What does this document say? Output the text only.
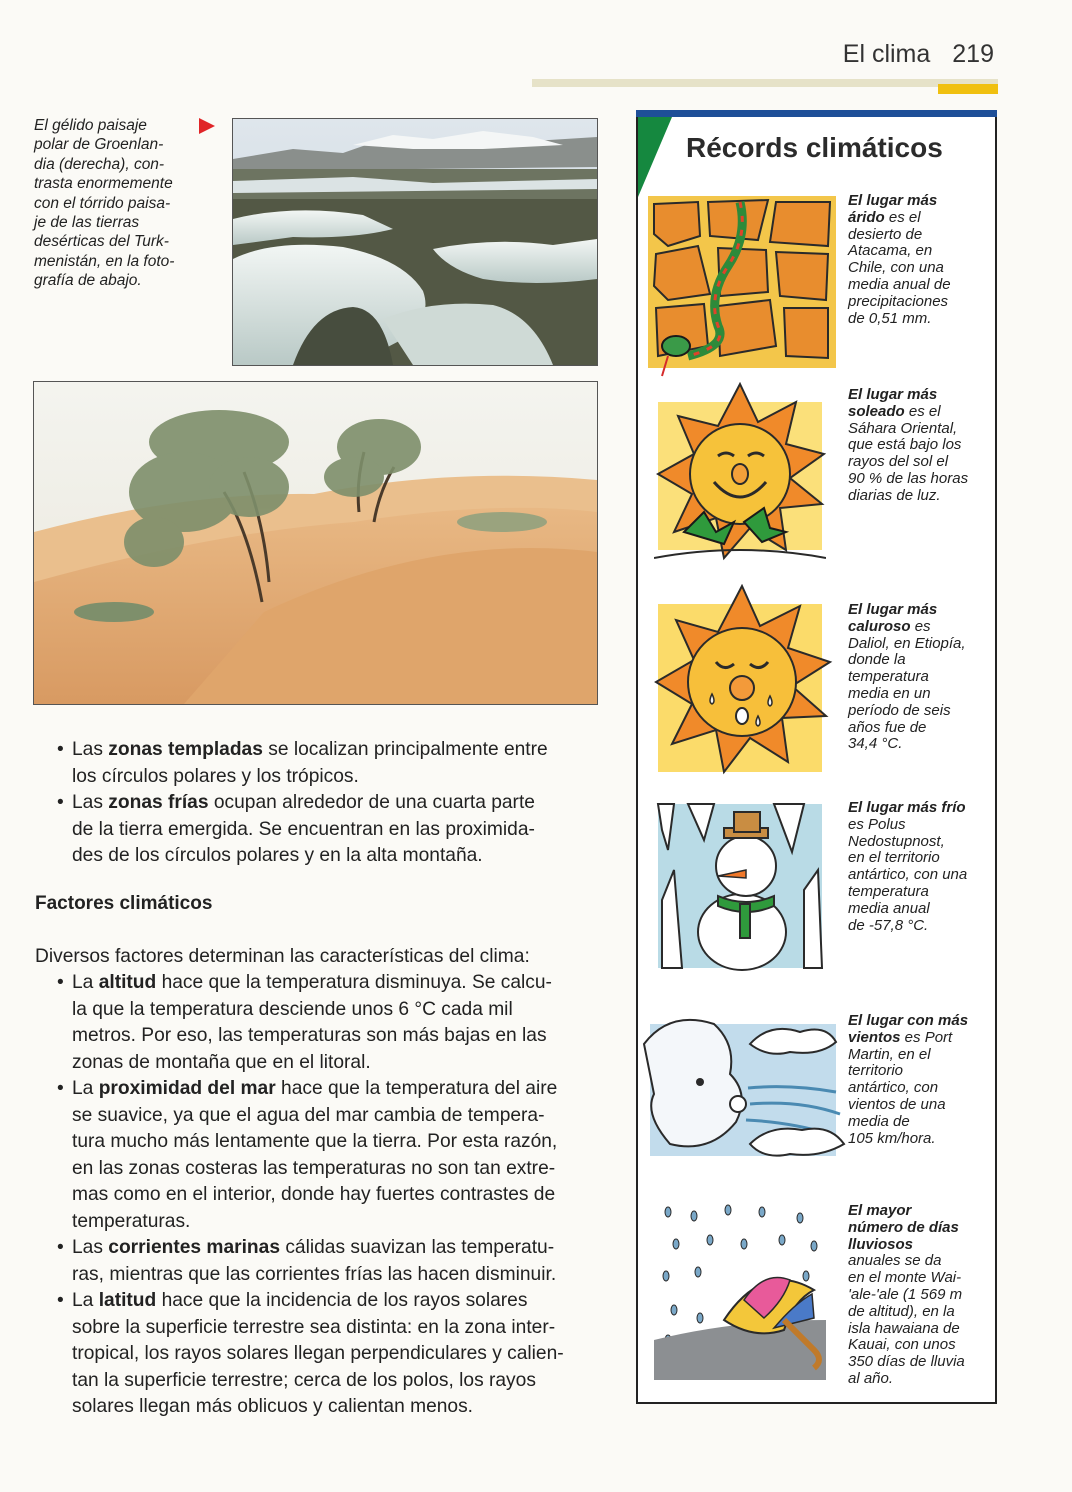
El clima 219
El gélido paisaje
polar de Groenlan-
dia (derecha), con-
trasta enormemente
con el tórrido paisa-
je de las tierras
desérticas del Turk-
menistán, en la foto-
grafía de abajo.
• Las zonas templadas se localizan principalmente entre
los círculos polares y los trópicos.
• Las zonas frías ocupan alrededor de una cuarta parte
de la tierra emergida. Se encuentran en las proximida-
des de los círculos polares y en la alta montaña.
Factores climáticos
Diversos factores determinan las características del clima:
• La altitud hace que la temperatura disminuya. Se calcu-
la que la temperatura desciende unos 6 °C cada mil
metros. Por eso, las temperaturas son más bajas en las
zonas de montaña que en el litoral.
• La proximidad del mar hace que la temperatura del aire
se suavice, ya que el agua del mar cambia de tempera-
tura mucho más lentamente que la tierra. Por esta razón,
en las zonas costeras las temperaturas no son tan extre-
mas como en el interior, donde hay fuertes contrastes de
temperaturas.
• Las corrientes marinas cálidas suavizan las temperatu-
ras, mientras que las corrientes frías las hacen disminuir.
• La latitud hace que la incidencia de los rayos solares
sobre la superficie terrestre sea distinta: en la zona inter-
tropical, los rayos solares llegan perpendiculares y calien-
tan la superficie terrestre; cerca de los polos, los rayos
solares llegan más oblicuos y calientan menos.
Récords climáticos
El lugar más
árido es el
desierto de
Atacama, en
Chile, con una
media anual de
precipitaciones
de 0,51 mm.
El lugar más
soleado es el
Sáhara Oriental,
que está bajo los
rayos del sol el
90 % de las horas
diarias de luz.
El lugar más
caluroso es
Daliol, en Etiopía,
donde la
temperatura
media en un
período de seis
años fue de
34,4 °C.
El lugar más frío
es Polus
Nedostupnost,
en el territorio
antártico, con una
temperatura
media anual
de -57,8 °C.
El lugar con más
vientos es Port
Martin, en el
territorio
antártico, con
vientos de una
media de
105 km/hora.
El mayor
número de días
lluviosos
anuales se da
en el monte Wai-
'ale-'ale (1 569 m
de altitud), en la
isla hawaiana de
Kauai, con unos
350 días de lluvia
al año.
